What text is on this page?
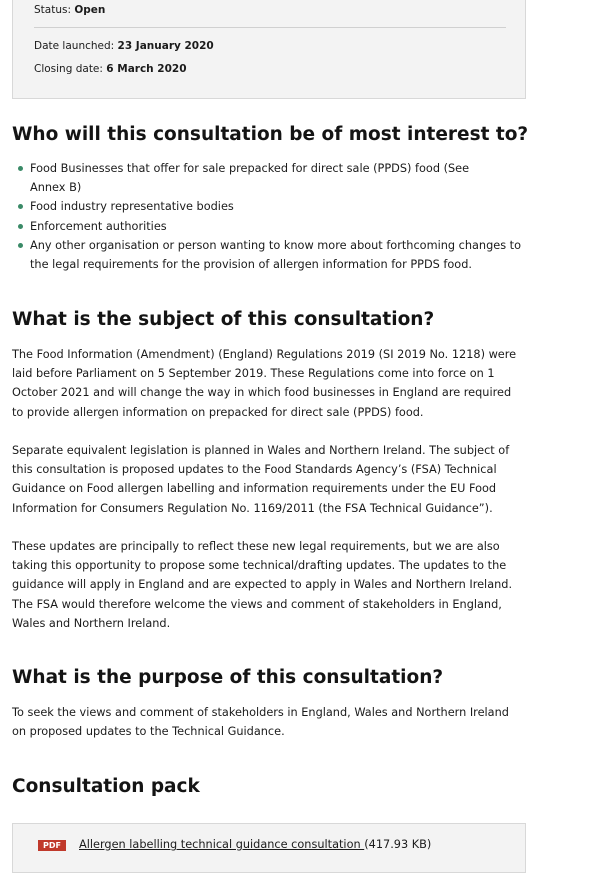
Status: Open
Date launched: 23 January 2020
Closing date: 6 March 2020
Who will this consultation be of most interest to?
Food Businesses that offer for sale prepacked for direct sale (PPDS) food (See Annex B)
Food industry representative bodies
Enforcement authorities
Any other organisation or person wanting to know more about forthcoming changes to the legal requirements for the provision of allergen information for PPDS food.
What is the subject of this consultation?

The Food Information (Amendment) (England) Regulations 2019 (SI 2019 No. 1218) were laid before Parliament on 5 September 2019. These Regulations come into force on 1 October 2021 and will change the way in which food businesses in England are required to provide allergen information on prepacked for direct sale (PPDS) food.

Separate equivalent legislation is planned in Wales and Northern Ireland. The subject of this consultation is proposed updates to the Food Standards Agency’s (FSA) Technical Guidance on Food allergen labelling and information requirements under the EU Food Information for Consumers Regulation No. 1169/2011 (the FSA Technical Guidance”).

These updates are principally to reflect these new legal requirements, but we are also taking this opportunity to propose some technical/drafting updates. The updates to the guidance will apply in England and are expected to apply in Wales and Northern Ireland. The FSA would therefore welcome the views and comment of stakeholders in England, Wales and Northern Ireland.

What is the purpose of this consultation?

To seek the views and comment of stakeholders in England, Wales and Northern Ireland on proposed updates to the Technical Guidance.

Consultation pack
PDF	Allergen labelling technical guidance consultation (417.93 KB)
